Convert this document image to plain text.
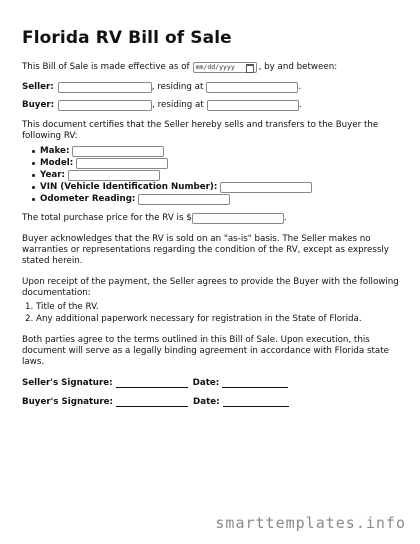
Florida RV Bill of Sale
This Bill of Sale is made effective as of mm/dd/yyyy	, by and between:
Seller:	, residing at	.
Buyer:	, residing at	.

This document certifies that the Seller hereby sells and transfers to the Buyer the following RV:

Make:
Model:
Year:
VIN (Vehicle Identification Number):
Odometer Reading:
The total purchase price for the RV is $	.

Buyer acknowledges that the RV is sold on an "as-is" basis. The Seller makes no warranties or representations regarding the condition of the RV, except as expressly stated herein.

Upon receipt of the payment, the Seller agrees to provide the Buyer with the following documentation:

1. Title of the RV.
2. Any additional paperwork necessary for registration in the State of Florida.

Both parties agree to the terms outlined in this Bill of Sale. Upon execution, this document will serve as a legally binding agreement in accordance with Florida state laws.

Seller's Signature:	Date:
Buyer's Signature:	Date:
smarttemplates.info
